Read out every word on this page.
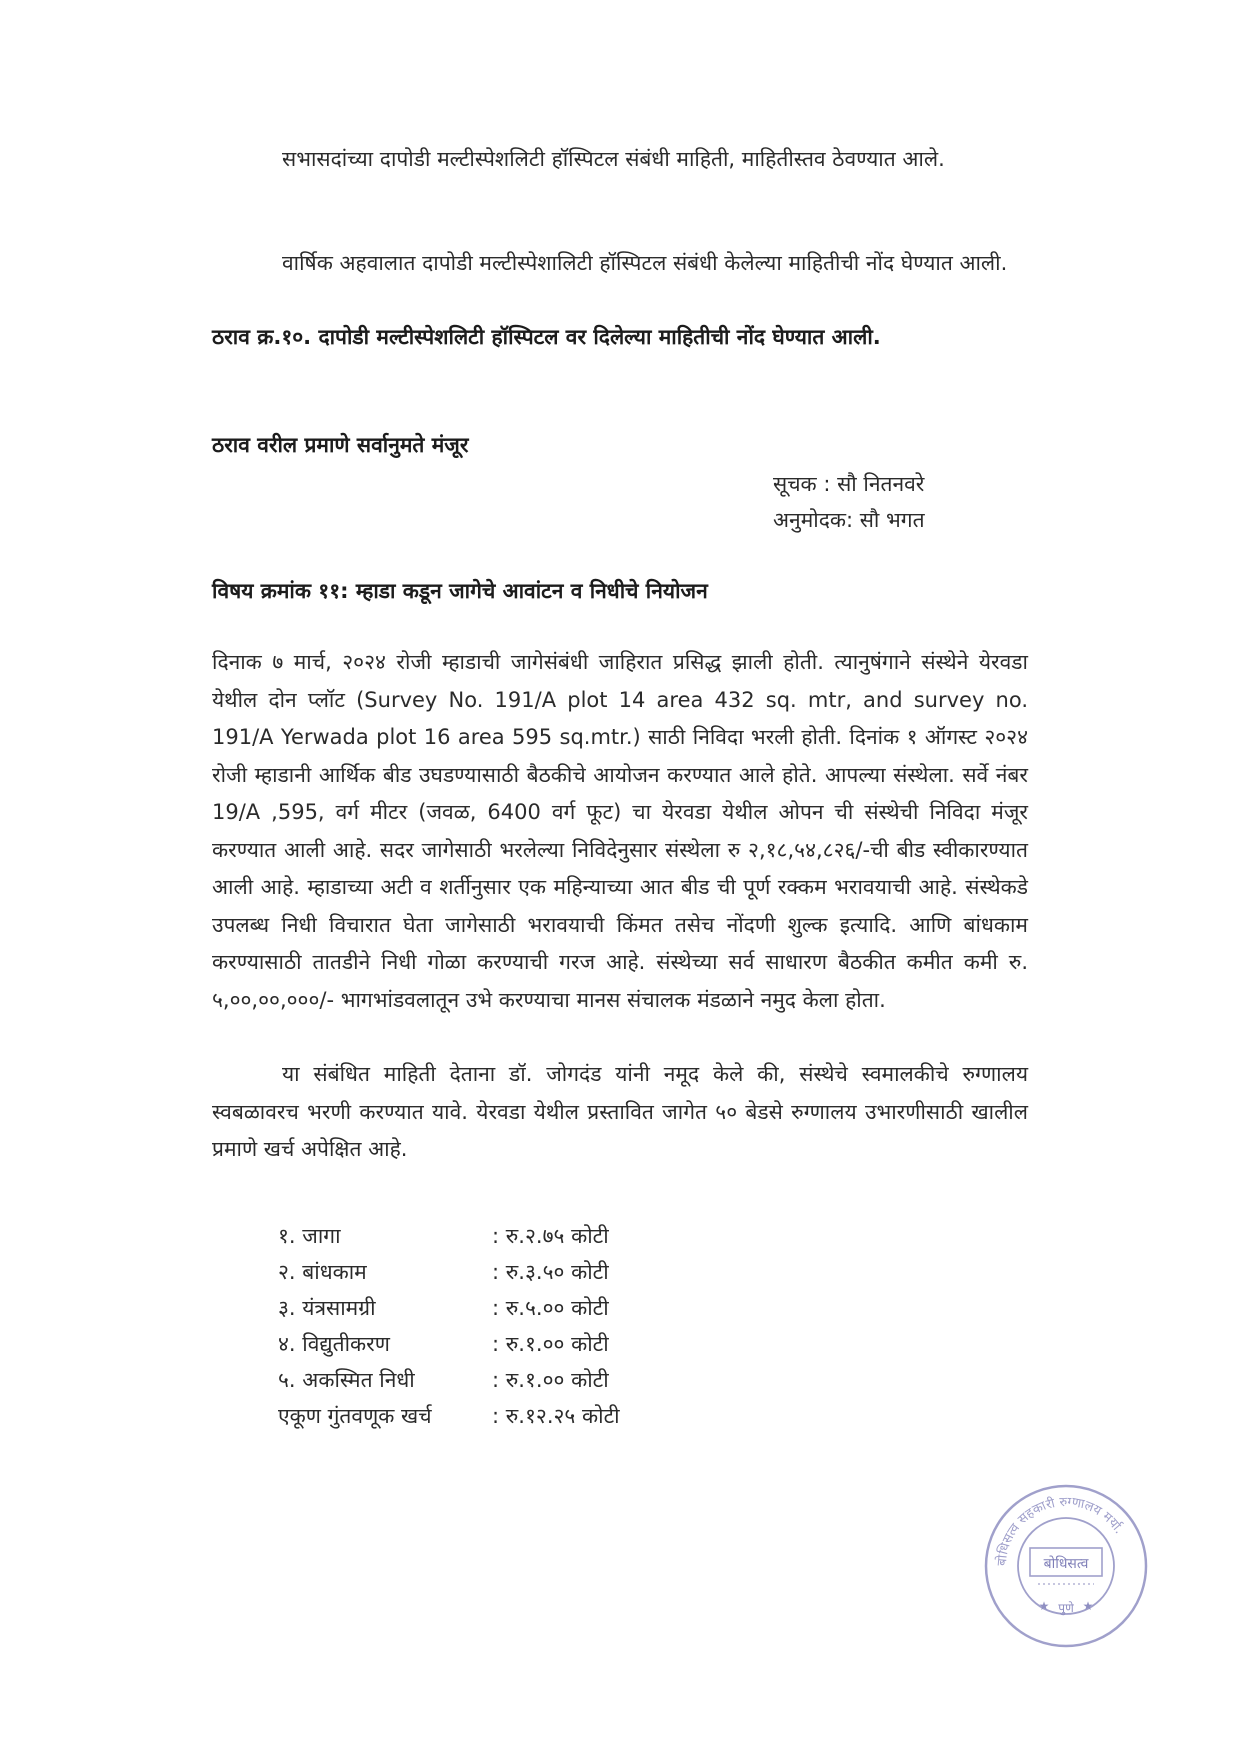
सभासदांच्या दापोडी मल्टीस्पेशलिटी हॉस्पिटल संबंधी माहिती, माहितीस्तव ठेवण्यात आले.

वार्षिक अहवालात दापोडी मल्टीस्पेशालिटी हॉस्पिटल संबंधी केलेल्या माहितीची नोंद घेण्यात आली.

ठराव क्र.१०. दापोडी मल्टीस्पेशलिटी हॉस्पिटल वर दिलेल्या माहितीची नोंद घेण्यात आली.

ठराव वरील प्रमाणे सर्वानुमते मंजूर

सूचक : सौ नितनवरे

अनुमोदक: सौ भगत

विषय क्रमांक ११: म्हाडा कडून जागेचे आवांटन व निधीचे नियोजन

दिनाक ७ मार्च, २०२४ रोजी म्हाडाची जागेसंबंधी जाहिरात प्रसिद्ध झाली होती. त्यानुषंगाने संस्थेने येरवडा येथील दोन प्लॉट (Survey No. 191/A plot 14 area 432 sq. mtr, and survey no. 191/A Yerwada plot 16 area 595 sq.mtr.) साठी निविदा भरली होती. दिनांक १ ऑगस्ट २०२४ रोजी म्हाडानी आर्थिक बीड उघडण्यासाठी बैठकीचे आयोजन करण्यात आले होते. आपल्या संस्थेला. सर्वे नंबर 19/A ,595, वर्ग मीटर (जवळ, 6400 वर्ग फूट) चा येरवडा येथील ओपन ची संस्थेची निविदा मंजूर करण्यात आली आहे. सदर जागेसाठी भरलेल्या निविदेनुसार संस्थेला रु २,१८,५४,८२६/-ची बीड स्वीकारण्यात आली आहे. म्हाडाच्या अटी व शर्तीनुसार एक महिन्याच्या आत बीड ची पूर्ण रक्कम भरावयाची आहे. संस्थेकडे उपलब्ध निधी विचारात घेता जागेसाठी भरावयाची किंमत तसेच नोंदणी शुल्क इत्यादि. आणि बांधकाम करण्यासाठी तातडीने निधी गोळा करण्याची गरज आहे. संस्थेच्या सर्व साधारण बैठकीत कमीत कमी रु. ५,००,००,०००/- भागभांडवलातून उभे करण्याचा मानस संचालक मंडळाने नमुद केला होता.

या संबंधित माहिती देताना डॉ. जोगदंड यांनी नमूद केले की, संस्थेचे स्वमालकीचे रुग्णालय स्वबळावरच भरणी करण्यात यावे. येरवडा येथील प्रस्तावित जागेत ५० बेडसे रुग्णालय उभारणीसाठी खालील प्रमाणे खर्च अपेक्षित आहे.

१. जागा	: रु.२.७५ कोटी
२. बांधकाम	: रु.३.५० कोटी
३. यंत्रसामग्री	: रु.५.०० कोटी
४. विद्युतीकरण	: रु.१.०० कोटी
५. अकस्मित निधी	: रु.१.०० कोटी
एकूण गुंतवणूक खर्च	: रु.१२.२५ कोटी
बोधिसत्व सहकारी रुग्णालय मर्या.
बोधिसत्व
★	★
पुणे
